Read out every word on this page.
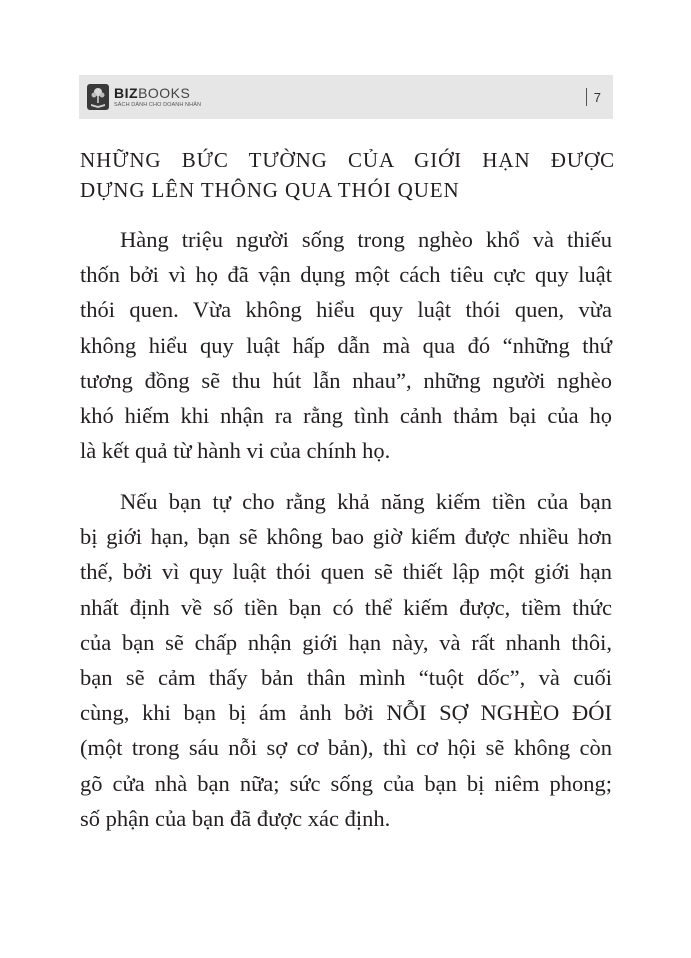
BIZBOOKS
SÁCH DÀNH CHO DOANH NHÂN
7
NHỮNG BỨC TƯỜNG CỦA GIỚI HẠN ĐƯỢC
DỰNG LÊN THÔNG QUA THÓI QUEN
Hàng triệu người sống trong nghèo khổ và thiếu
thốn bởi vì họ đã vận dụng một cách tiêu cực quy luật
thói quen. Vừa không hiểu quy luật thói quen, vừa
không hiểu quy luật hấp dẫn mà qua đó “những thứ
tương đồng sẽ thu hút lẫn nhau”, những người nghèo
khó hiếm khi nhận ra rằng tình cảnh thảm bại của họ
là kết quả từ hành vi của chính họ.
Nếu bạn tự cho rằng khả năng kiếm tiền của bạn
bị giới hạn, bạn sẽ không bao giờ kiếm được nhiều hơn
thế, bởi vì quy luật thói quen sẽ thiết lập một giới hạn
nhất định về số tiền bạn có thể kiếm được, tiềm thức
của bạn sẽ chấp nhận giới hạn này, và rất nhanh thôi,
bạn sẽ cảm thấy bản thân mình “tuột dốc”, và cuối
cùng, khi bạn bị ám ảnh bởi NỖI SỢ NGHÈO ĐÓI
(một trong sáu nỗi sợ cơ bản), thì cơ hội sẽ không còn
gõ cửa nhà bạn nữa; sức sống của bạn bị niêm phong;
số phận của bạn đã được xác định.
